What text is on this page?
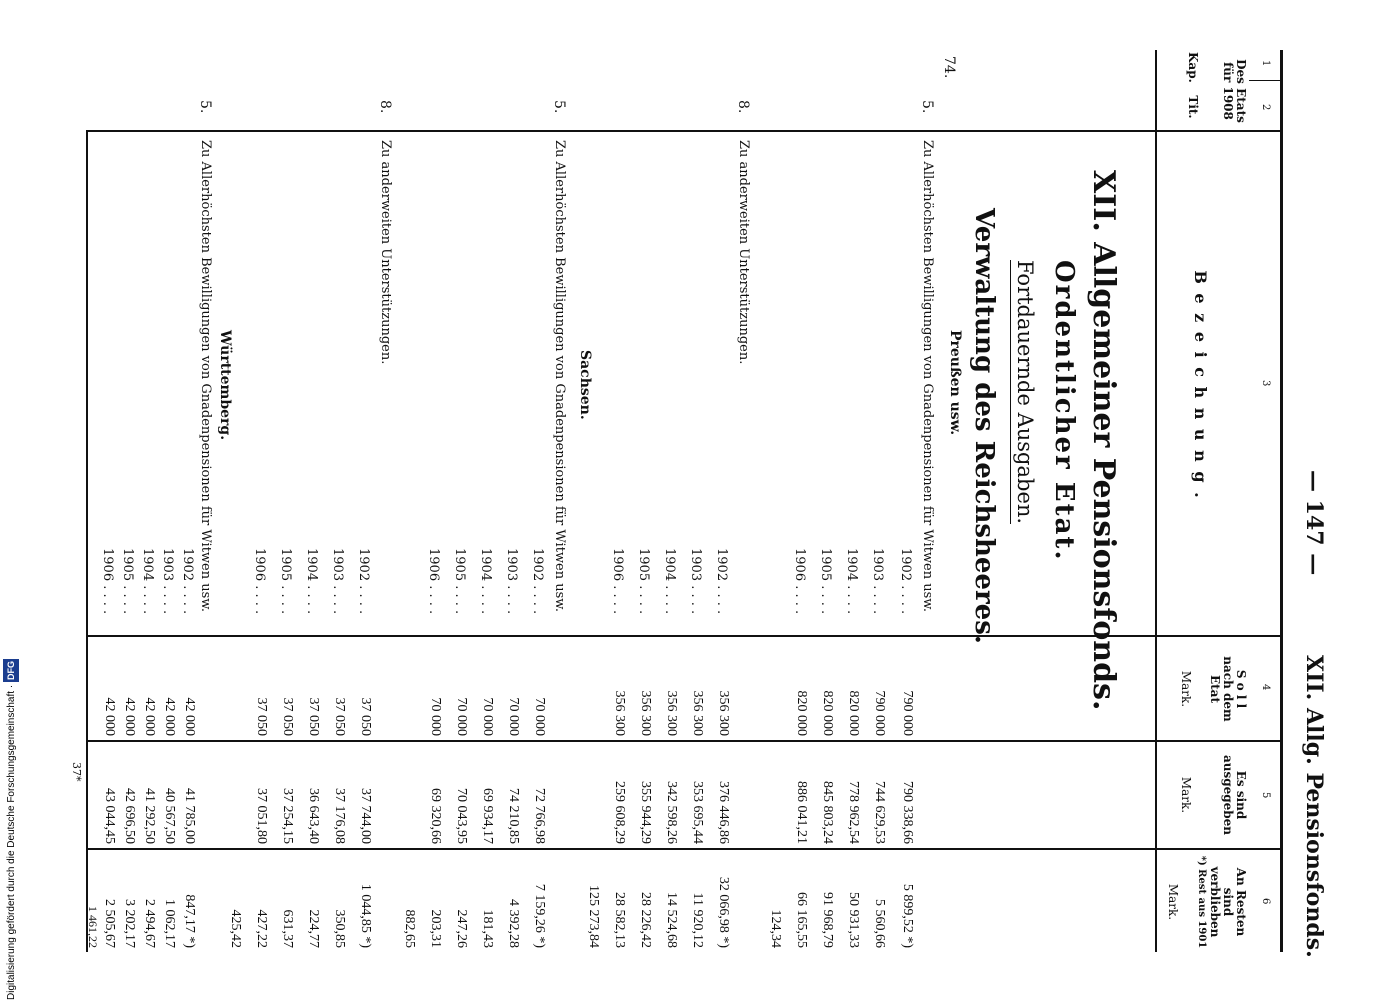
Digitalisierung gefördert durch die Deutsche Forschungsgemeinschaft · DFG
— 147 —
XII. Allg. Pensionsfonds.
1
2
3
4
5
6
Des Etats
für 1908
Kap.
Tit.
B e z e i c h n u n g .
S o l l
nach dem
Etat
Mark.
Es sind
ausgegeben
Mark.
An Resten
sind verblieben
*) Rest aus 1901
Mark.
XII. Allgemeiner Pensionsfonds.
Ordentlicher Etat.
Fortdauernde Ausgaben.
Verwaltung des Reichsheeres.
74.
Preußen usw.
5.
Zu Allerhöchsten Bewilligungen von Gnadenpensionen für Witwen usw.
1902 . . . .
790 000
790 338,66
5 899,52 *)
1903 . . . .
790 000
744 629,53
5 560,66
1904 . . . .
820 000
778 962,54
50 931,33
1905 . . . .
820 000
845 803,24
91 968,79
1906 . . . .
820 000
886 041,21
66 165,55
124,34
8.
Zu anderweiten Unterstützungen.
1902 . . . .
356 300
376 446,86
32 066,98 *)
1903 . . . .
356 300
353 695,44
11 920,12
1904 . . . .
356 300
342 598,26
14 524,68
1905 . . . .
356 300
355 944,29
28 226,42
1906 . . . .
356 300
259 608,29
28 582,13
125 273,84
Sachsen.
5.
Zu Allerhöchsten Bewilligungen von Gnadenpensionen für Witwen usw.
1902 . . . .
70 000
72 766,98
7 159,26 *)
1903 . . . .
70 000
74 210,85
4 392,28
1904 . . . .
70 000
69 934,17
181,43
1905 . . . .
70 000
70 043,95
247,26
1906 . . . .
70 000
69 320,66
203,31
882,65
8.
Zu anderweiten Unterstützungen.
1902 . . . .
37 050
37 744,00
1 044,85 *)
1903 . . . .
37 050
37 176,08
350,85
1904 . . . .
37 050
36 643,40
224,77
1905 . . . .
37 050
37 254,15
631,37
1906 . . . .
37 050
37 051,80
427,22
425,42
Württemberg.
5.
Zu Allerhöchsten Bewilligungen von Gnadenpensionen für Witwen usw.
1902 . . . .
42 000
41 785,00
847,17 *)
1903 . . . .
42 000
40 567,50
1 062,17
1904 . . . .
42 000
41 292,50
2 494,67
1905 . . . .
42 000
42 696,50
3 202,17
1906 . . . .
42 000
43 044,45
2 505,67
1 461,22
37*
